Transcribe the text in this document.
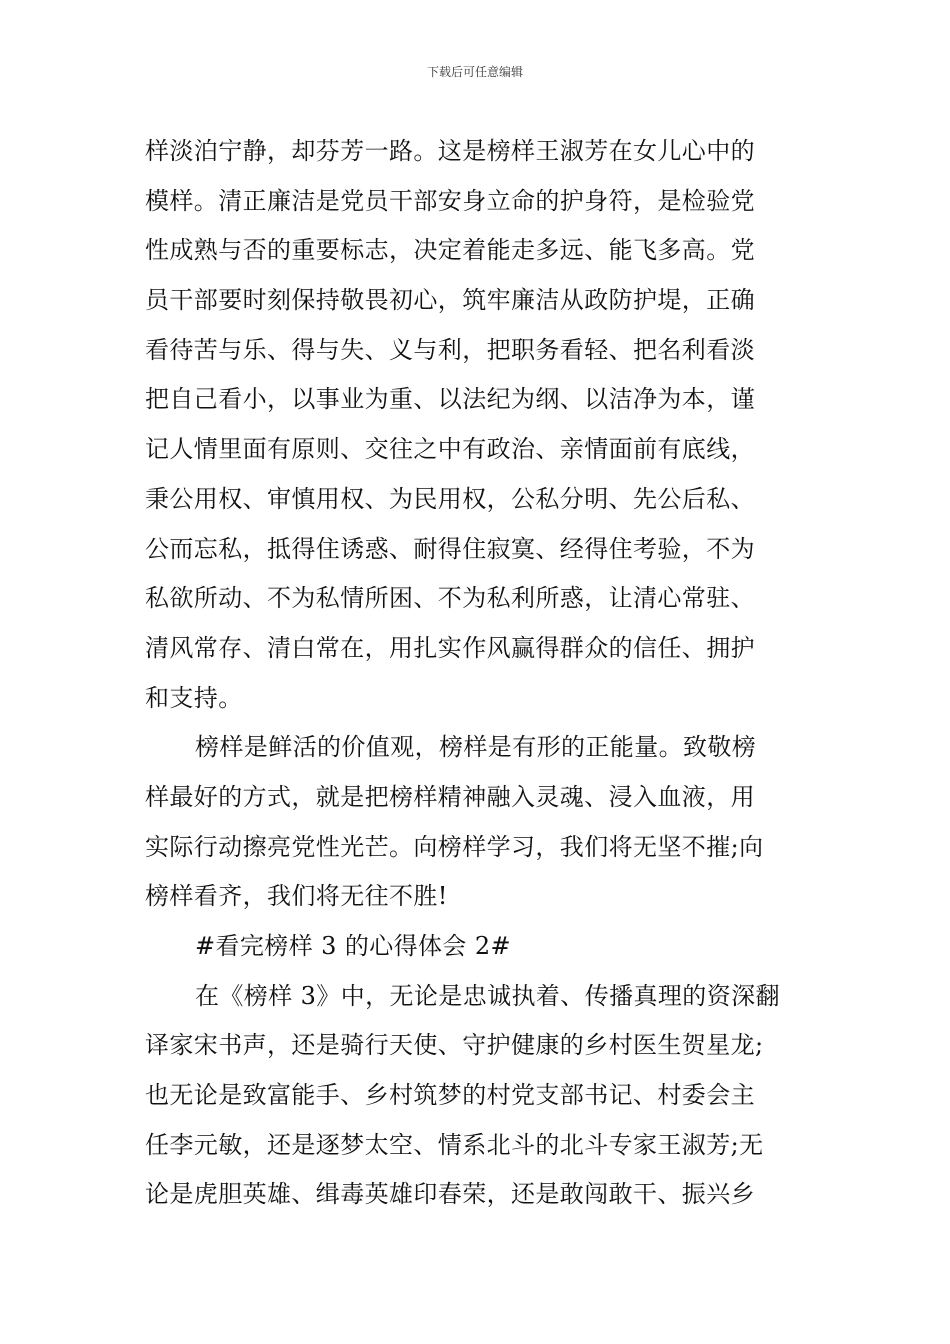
下载后可任意编辑
样淡泊宁静，却芬芳一路。这是榜样王淑芳在女儿心中的
模样。清正廉洁是党员干部安身立命的护身符，是检验党
性成熟与否的重要标志，决定着能走多远、能飞多高。党
员干部要时刻保持敬畏初心，筑牢廉洁从政防护堤，正确
看待苦与乐、得与失、义与利，把职务看轻、把名利看淡
把自己看小，以事业为重、以法纪为纲、以洁净为本，谨
记人情里面有原则、交往之中有政治、亲情面前有底线，
秉公用权、审慎用权、为民用权，公私分明、先公后私、
公而忘私，抵得住诱惑、耐得住寂寞、经得住考验，不为
私欲所动、不为私情所困、不为私利所惑，让清心常驻、
清风常存、清白常在，用扎实作风赢得群众的信任、拥护
和支持。
榜样是鲜活的价值观，榜样是有形的正能量。致敬榜
样最好的方式，就是把榜样精神融入灵魂、浸入血液，用
实际行动擦亮党性光芒。向榜样学习，我们将无坚不摧;向
榜样看齐，我们将无往不胜!
#看完榜样 3 的心得体会 2#
在《榜样 3》中，无论是忠诚执着、传播真理的资深翻
译家宋书声，还是骑行天使、守护健康的乡村医生贺星龙;
也无论是致富能手、乡村筑梦的村党支部书记、村委会主
任李元敏，还是逐梦太空、情系北斗的北斗专家王淑芳;无
论是虎胆英雄、缉毒英雄印春荣，还是敢闯敢干、振兴乡
